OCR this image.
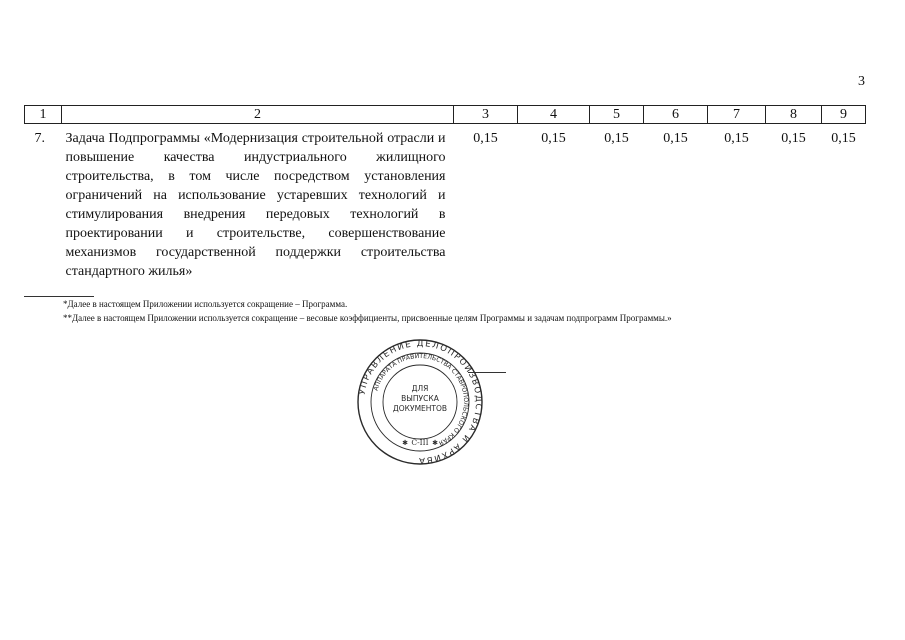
3
1	2	3	4	5	6	7	8	9
7.	Задача Подпрограммы «Модернизация строительной отрасли и повышение качества индустриального жилищного строительства, в том числе посредством установления ограничений на использование устаревших технологий и стимулирования внедрения передовых технологий в проектировании и строительстве, совершенствование механизмов государственной поддержки строительства стандартного жилья»	0,15	0,15	0,15	0,15	0,15	0,15	0,15
*Далее в настоящем Приложении используется сокращение – Программа.
**Далее в настоящем Приложении используется сокращение – весовые коэффициенты, присвоенные целям Программы и задачам подпрограмм Программы.»
УПРАВЛЕНИЕ ДЕЛОПРОИЗВОДСТВА И АРХИВА
АППАРАТА ПРАВИТЕЛЬСТВА СТАВРОПОЛЬСКОГО КРАЯ
ДЛЯ
ВЫПУСКА
ДОКУМЕНТОВ
С-III
✱	✱
